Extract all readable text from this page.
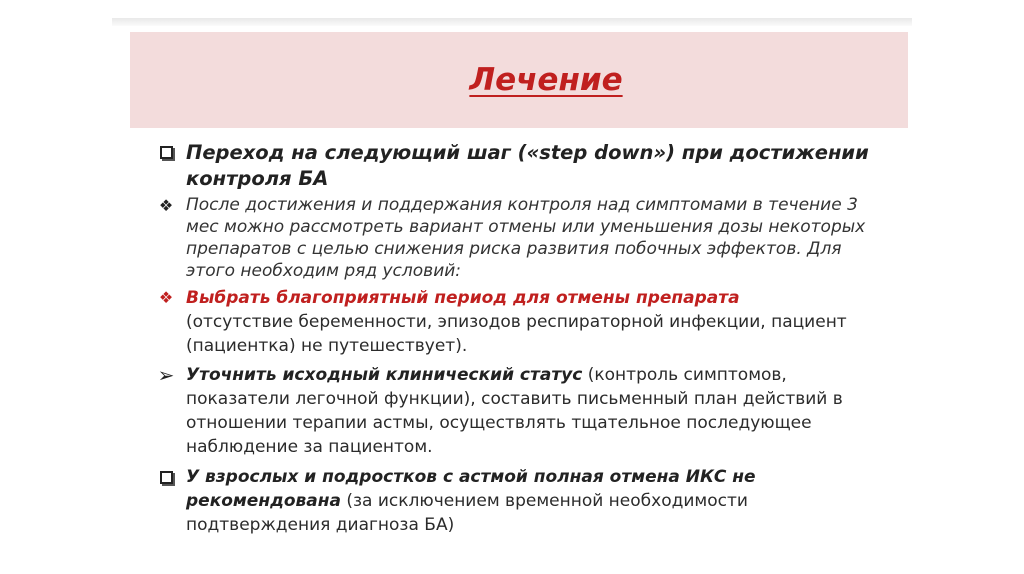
Лечение
Переход на следующий шаг («step down») при достижении контроля БА
❖ После достижения и поддержания контроля над симптомами в течение 3 мес можно рассмотреть вариант отмены или уменьшения дозы некоторых препаратов с целью снижения риска развития побочных эффектов. Для этого необходим ряд условий:
❖ Выбрать благоприятный период для отмены препарата
(отсутствие беременности, эпизодов респираторной инфекции, пациент (пациентка) не путешествует).
➢ Уточнить исходный клинический статус (контроль симптомов, показатели легочной функции), составить письменный план действий в отношении терапии астмы, осуществлять тщательное последующее наблюдение за пациентом.
У взрослых и подростков с астмой полная отмена ИКС не рекомендована (за исключением временной необходимости подтверждения диагноза БА)
